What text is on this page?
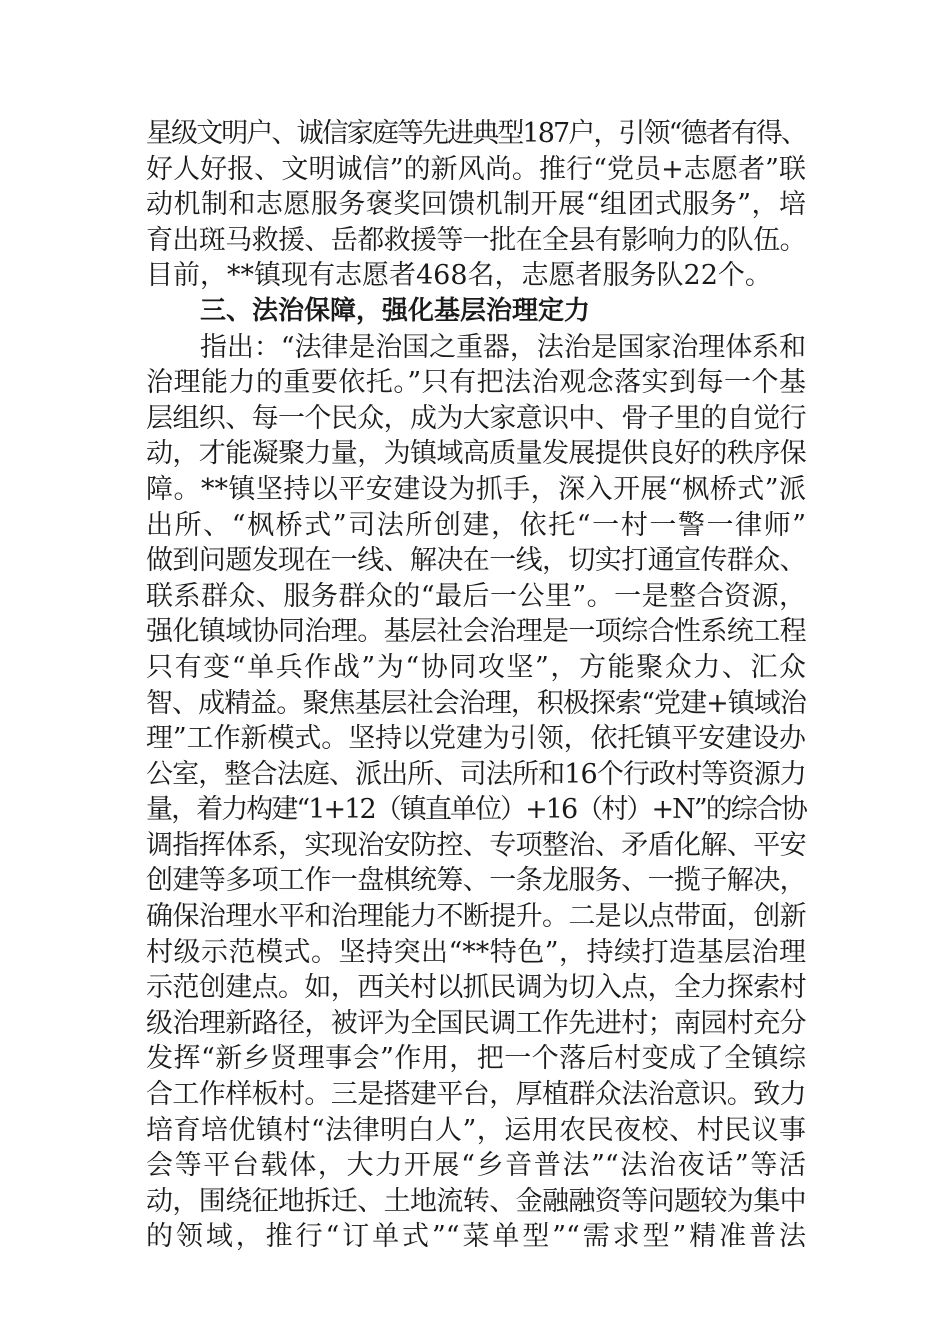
星级文明户、诚信家庭等先进典型187户，引领“德者有得、
好人好报、文明诚信”的新风尚。推行“党员+志愿者”联
动机制和志愿服务褒奖回馈机制开展“组团式服务”，培
育出斑马救援、岳都救援等一批在全县有影响力的队伍。
目前，**镇现有志愿者468名，志愿者服务队22个。
三、法治保障，强化基层治理定力
指出：“法律是治国之重器，法治是国家治理体系和
治理能力的重要依托。”只有把法治观念落实到每一个基
层组织、每一个民众，成为大家意识中、骨子里的自觉行
动，才能凝聚力量，为镇域高质量发展提供良好的秩序保
障。**镇坚持以平安建设为抓手，深入开展“枫桥式”派
出所、“枫桥式”司法所创建，依托“一村一警一律师”
做到问题发现在一线、解决在一线，切实打通宣传群众、
联系群众、服务群众的“最后一公里”。一是整合资源，
强化镇域协同治理。基层社会治理是一项综合性系统工程
只有变“单兵作战”为“协同攻坚”，方能聚众力、汇众
智、成精益。聚焦基层社会治理，积极探索“党建+镇域治
理”工作新模式。坚持以党建为引领，依托镇平安建设办
公室，整合法庭、派出所、司法所和16个行政村等资源力
量，着力构建“1+12（镇直单位）+16（村）+N”的综合协
调指挥体系，实现治安防控、专项整治、矛盾化解、平安
创建等多项工作一盘棋统筹、一条龙服务、一揽子解决，
确保治理水平和治理能力不断提升。二是以点带面，创新
村级示范模式。坚持突出“**特色”，持续打造基层治理
示范创建点。如，西关村以抓民调为切入点，全力探索村
级治理新路径，被评为全国民调工作先进村；南园村充分
发挥“新乡贤理事会”作用，把一个落后村变成了全镇综
合工作样板村。三是搭建平台，厚植群众法治意识。致力
培育培优镇村“法律明白人”，运用农民夜校、村民议事
会等平台载体，大力开展“乡音普法”“法治夜话”等活
动，围绕征地拆迁、土地流转、金融融资等问题较为集中
的领域，推行“订单式”“菜单型”“需求型”精准普法
